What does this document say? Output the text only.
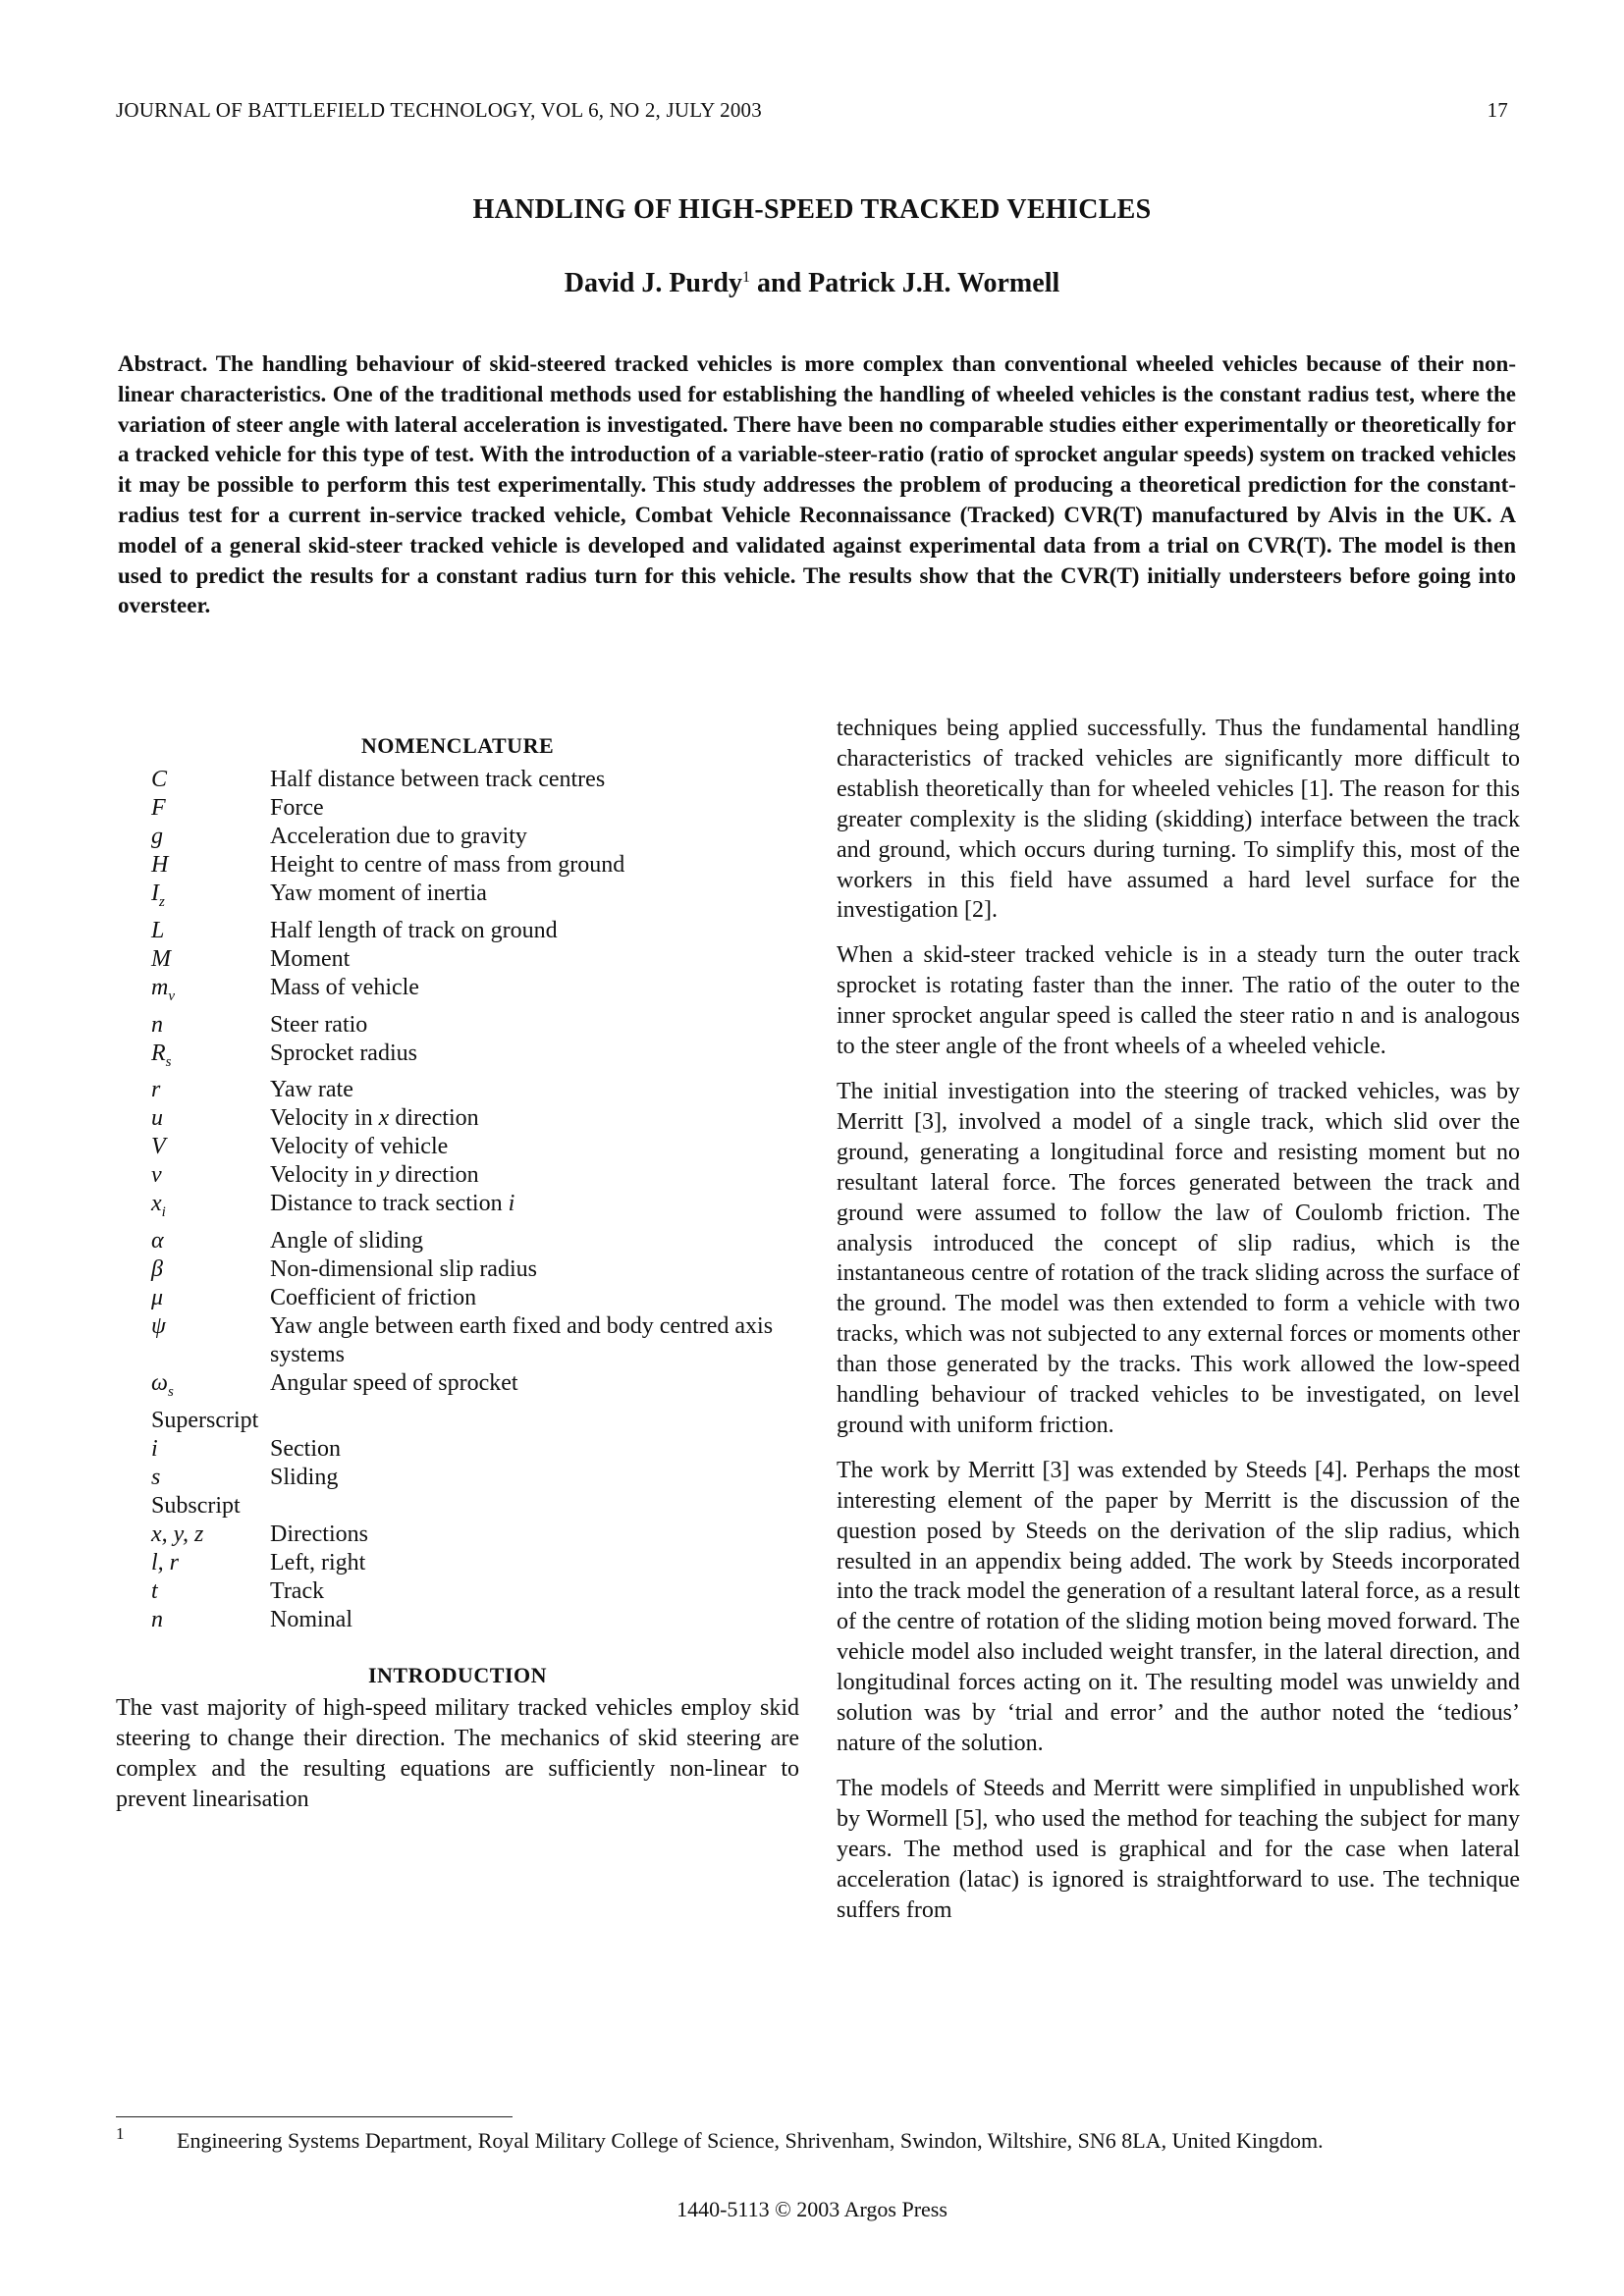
JOURNAL OF BATTLEFIELD TECHNOLOGY, VOL 6, NO 2, JULY 2003	17
HANDLING OF HIGH-SPEED TRACKED VEHICLES
David J. Purdy$^1$ and Patrick J.H. Wormell
Abstract. The handling behaviour of skid-steered tracked vehicles is more complex than conventional wheeled vehicles because of their non-linear characteristics. One of the traditional methods used for establishing the handling of wheeled vehicles is the constant radius test, where the variation of steer angle with lateral acceleration is investigated. There have been no comparable studies either experimentally or theoretically for a tracked vehicle for this type of test. With the introduction of a variable-steer-ratio (ratio of sprocket angular speeds) system on tracked vehicles it may be possible to perform this test experimentally. This study addresses the problem of producing a theoretical prediction for the constant-radius test for a current in-service tracked vehicle, Combat Vehicle Reconnaissance (Tracked) CVR(T) manufactured by Alvis in the UK. A model of a general skid-steer tracked vehicle is developed and validated against experimental data from a trial on CVR(T). The model is then used to predict the results for a constant radius turn for this vehicle. The results show that the CVR(T) initially understeers before going into oversteer.
NOMENCLATURE
C	Half distance between track centres
F	Force
g	Acceleration due to gravity
H	Height to centre of mass from ground
$I_z$	Yaw moment of inertia
L	Half length of track on ground
M	Moment
$m_v$	Mass of vehicle
n	Steer ratio
$R_s$	Sprocket radius
r	Yaw rate
u	Velocity in x direction
V	Velocity of vehicle
v	Velocity in y direction
$x_i$	Distance to track section i
α	Angle of sliding
β	Non-dimensional slip radius
μ	Coefficient of friction
ψ	Yaw angle between earth fixed and body centred axis systems
$\omega_s$	Angular speed of sprocket
Superscript
i	Section
s	Sliding
Subscript
x, y, z	Directions
l, r	Left, right
t	Track
n	Nominal
INTRODUCTION

The vast majority of high-speed military tracked vehicles employ skid steering to change their direction. The mechanics of skid steering are complex and the resulting equations are sufficiently non-linear to prevent linearisation

techniques being applied successfully. Thus the fundamental handling characteristics of tracked vehicles are significantly more difficult to establish theoretically than for wheeled vehicles [1]. The reason for this greater complexity is the sliding (skidding) interface between the track and ground, which occurs during turning. To simplify this, most of the workers in this field have assumed a hard level surface for the investigation [2].

When a skid-steer tracked vehicle is in a steady turn the outer track sprocket is rotating faster than the inner. The ratio of the outer to the inner sprocket angular speed is called the steer ratio n and is analogous to the steer angle of the front wheels of a wheeled vehicle.

The initial investigation into the steering of tracked vehicles, was by Merritt [3], involved a model of a single track, which slid over the ground, generating a longitudinal force and resisting moment but no resultant lateral force. The forces generated between the track and ground were assumed to follow the law of Coulomb friction. The analysis introduced the concept of slip radius, which is the instantaneous centre of rotation of the track sliding across the surface of the ground. The model was then extended to form a vehicle with two tracks, which was not subjected to any external forces or moments other than those generated by the tracks. This work allowed the low-speed handling behaviour of tracked vehicles to be investigated, on level ground with uniform friction.

The work by Merritt [3] was extended by Steeds [4]. Perhaps the most interesting element of the paper by Merritt is the discussion of the question posed by Steeds on the derivation of the slip radius, which resulted in an appendix being added. The work by Steeds incorporated into the track model the generation of a resultant lateral force, as a result of the centre of rotation of the sliding motion being moved forward. The vehicle model also included weight transfer, in the lateral direction, and longitudinal forces acting on it. The resulting model was unwieldy and solution was by ‘trial and error’ and the author noted the ‘tedious’ nature of the solution.

The models of Steeds and Merritt were simplified in unpublished work by Wormell [5], who used the method for teaching the subject for many years. The method used is graphical and for the case when lateral acceleration (latac) is ignored is straightforward to use. The technique suffers from

1 Engineering Systems Department, Royal Military College of Science, Shrivenham, Swindon, Wiltshire, SN6 8LA, United Kingdom.
1440-5113 © 2003 Argos Press
